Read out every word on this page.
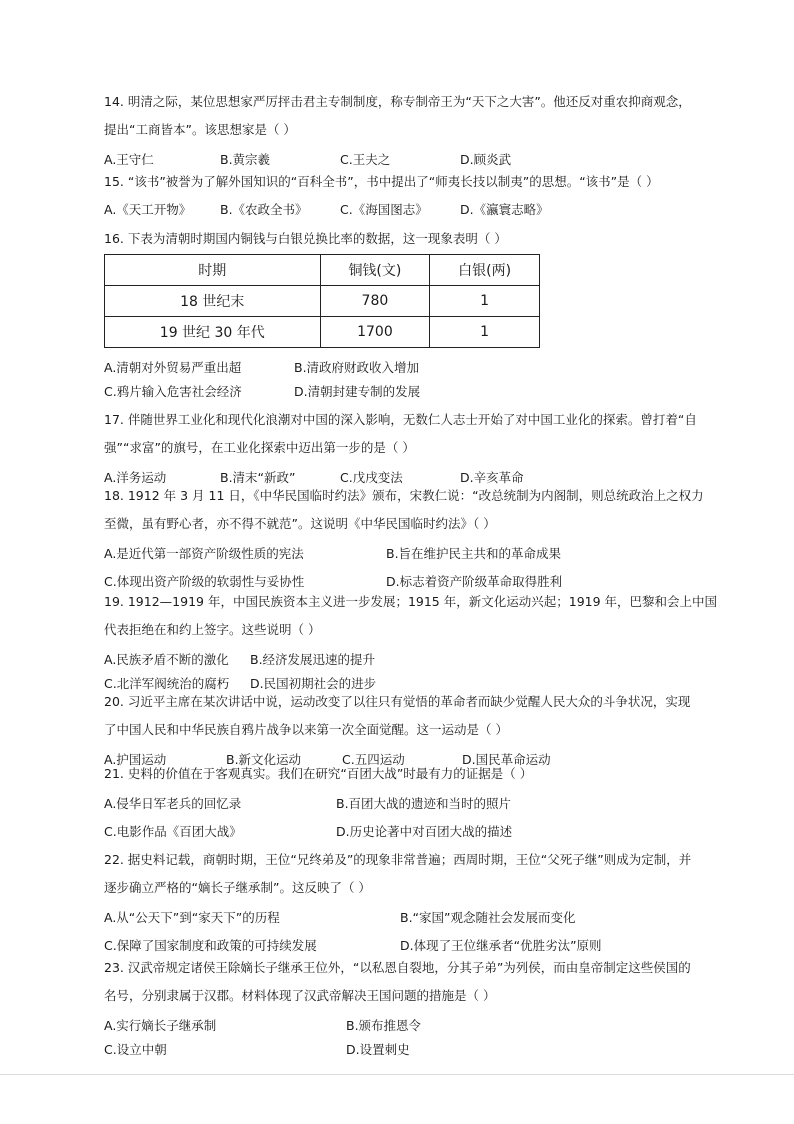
14. 明清之际，某位思想家严厉抨击君主专制制度，称专制帝王为“天下之大害”。他还反对重农抑商观念，

提出“工商皆本”。该思想家是（ ）

A.王守仁	B.黄宗羲	C.王夫之	D.顾炎武

15. “该书”被誉为了解外国知识的“百科全书”，书中提出了“师夷长技以制夷”的思想。“该书”是（ ）

A.《天工开物》 B.《农政全书》	C.《海国图志》	D.《瀛寰志略》

16. 下表为清朝时期国内铜钱与白银兑换比率的数据，这一现象表明（ ）

时期	铜钱(文)	白银(两)
18 世纪末	780	1
19 世纪 30 年代	1700	1
A.清朝对外贸易严重出超	B.清政府财政收入增加
C.鸦片输入危害社会经济	D.清朝封建专制的发展

17. 伴随世界工业化和现代化浪潮对中国的深入影响，无数仁人志士开始了对中国工业化的探索。曾打着“自

强”“求富”的旗号，在工业化探索中迈出第一步的是（ ）

A.洋务运动	B.清末“新政”	C.戊戌变法	D.辛亥革命

18. 1912 年 3 月 11 日，《中华民国临时约法》颁布，宋教仁说：“改总统制为内阁制，则总统政治上之权力

至微，虽有野心者，亦不得不就范”。这说明《中华民国临时约法》（ ）

A.是近代第一部资产阶级性质的宪法	B.旨在维护民主共和的革命成果
C.体现出资产阶级的软弱性与妥协性	D.标志着资产阶级革命取得胜利

19. 1912—1919 年，中国民族资本主义进一步发展；1915 年，新文化运动兴起；1919 年，巴黎和会上中国

代表拒绝在和约上签字。这些说明（ ）

A.民族矛盾不断的激化 B.经济发展迅速的提升
C.北洋军阀统治的腐朽 D.民国初期社会的进步

20. 习近平主席在某次讲话中说，运动改变了以往只有觉悟的革命者而缺少觉醒人民大众的斗争状况，实现

了中国人民和中华民族自鸦片战争以来第一次全面觉醒。这一运动是（ ）

A.护国运动	B.新文化运动	C.五四运动	D.国民革命运动

21. 史料的价值在于客观真实。我们在研究“百团大战”时最有力的证据是（ ）

A.侵华日军老兵的回忆录	B.百团大战的遗迹和当时的照片
C.电影作品《百团大战》	D.历史论著中对百团大战的描述

22. 据史料记载，商朝时期，王位“兄终弟及”的现象非常普遍；西周时期，王位“父死子继”则成为定制，并

逐步确立严格的“嫡长子继承制”。这反映了（ ）

A.从“公天下”到“家天下”的历程	B.“家国”观念随社会发展而变化
C.保障了国家制度和政策的可持续发展	D.体现了王位继承者“优胜劣汰”原则

23. 汉武帝规定诸侯王除嫡长子继承王位外，“以私恩自裂地，分其子弟”为列侯，而由皇帝制定这些侯国的

名号，分别隶属于汉郡。材料体现了汉武帝解决王国问题的措施是（ ）

A.实行嫡长子继承制	B.颁布推恩令
C.设立中朝	D.设置刺史
